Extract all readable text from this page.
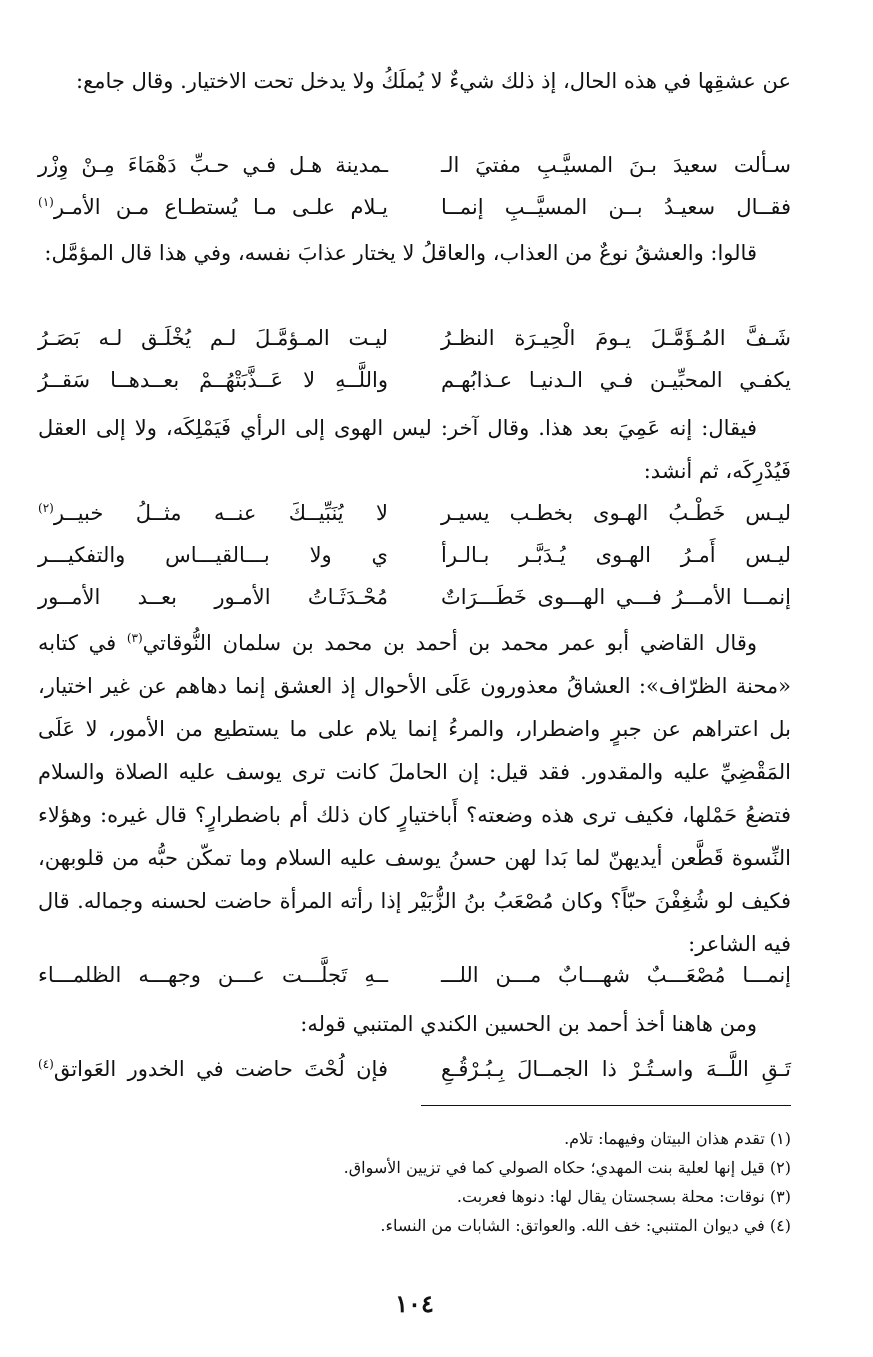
عن عشقِها في هذه الحال، إذ ذلك شيءٌ لا يُملَكُ ولا يدخل تحت الاختيار. وقال جامع:

سـألت سعيدَ بـنَ المسيَّـبِ مفتيَ الـ
ـمدينة هـل فـي حـبِّ دَهْمَاءَ مِـنْ وِزْر
فقــال سعيـدُ بــن المسيَّــبِ إنمــا
يـلام علـى مـا يُستطـاع مـن الأمـر$^{(١)}$

قالوا: والعشقُ نوعٌ من العذاب، والعاقلُ لا يختار عذابَ نفسه، وفي هذا قال المؤمَّل:

شَـفَّ المُـؤَمَّـلَ يـومَ الْحِيـرَة النظـرُ
ليـت المـؤمَّـلَ لـم يُخْلَـق لـه بَصَـرُ
يكفـي المحبِّيـن فـي الـدنيـا عـذابُهـم
واللَّــهِ لا عَــذَّبَتْهُــمْ بعــدهــا سَقــرُ

فيقال: إنه عَمِيَ بعد هذا. وقال آخر: ليس الهوى إلى الرأي فَيَمْلِكَه، ولا إلى العقل فَيُدْرِكَه، ثم أنشد:

ليـس خَطْـبُ الهـوى بخطـب يسيـر
لا يُنَبِّيــكَ عنــه مثــلُ خبيــر$^{(٢)}$
ليـس أَمـرُ الهـوى يُـدَبَّـر بـالـرأ
ي ولا بـــالقيـــاس والتفكيـــر
إنمـــا الأمـــرُ فـــي الهـــوى خَطَـــرَاتٌ
مُحْـدَثَـاتُ الأمـور بعــد الأمــور

وقال القاضي أبو عمر محمد بن أحمد بن محمد بن سلمان النُّوقاتي$^{(٣)}$ في كتابه «محنة الظرّاف»: العشاقُ معذورون عَلَى الأحوال إذ العشق إنما دهاهم عن غير اختيار، بل اعتراهم عن جبرٍ واضطرار، والمرءُ إنما يلام على ما يستطيع من الأمور، لا عَلَى المَقْضِيِّ عليه والمقدور. فقد قيل: إن الحاملَ كانت ترى يوسف عليه الصلاة والسلام فتضعُ حَمْلها، فكيف ترى هذه وضعته؟ أَباختيارٍ كان ذلك أم باضطرارٍ؟ قال غيره: وهؤلاء النِّسوة قَطَّعن أيديهنّ لما بَدا لهن حسنُ يوسف عليه السلام وما تمكّن حبُّه من قلوبهن، فكيف لو شُغِفْنَ حبّاً؟ وكان مُصْعَبُ بنُ الزُّبَيْر إذا رأته المرأة حاضت لحسنه وجماله. قال فيه الشاعر:

إنمـــا مُصْعَـــبٌ شهـــابٌ مـــن اللـــ
ــهِ تَجلَّـــت عـــن وجهـــه الظلمـــاء

ومن هاهنا أخذ أحمد بن الحسين الكندي المتنبي قوله:

تَـقِ اللَّــهَ واسـتُـرْ ذا الجمــالَ بِـبُـرْقُـعِ
فإن لُحْتَ حاضت في الخدور العَواتق$^{(٤)}$
(١) تقدم هذان البيتان وفيهما: تلام.
(٢) قيل إنها لعلية بنت المهدي؛ حكاه الصولي كما في تزيين الأسواق.
(٣) نوقات: محلة بسجستان يقال لها: دنوها فعربت.
(٤) في ديوان المتنبي: خف الله. والعواتق: الشابات من النساء.
١٠٤
